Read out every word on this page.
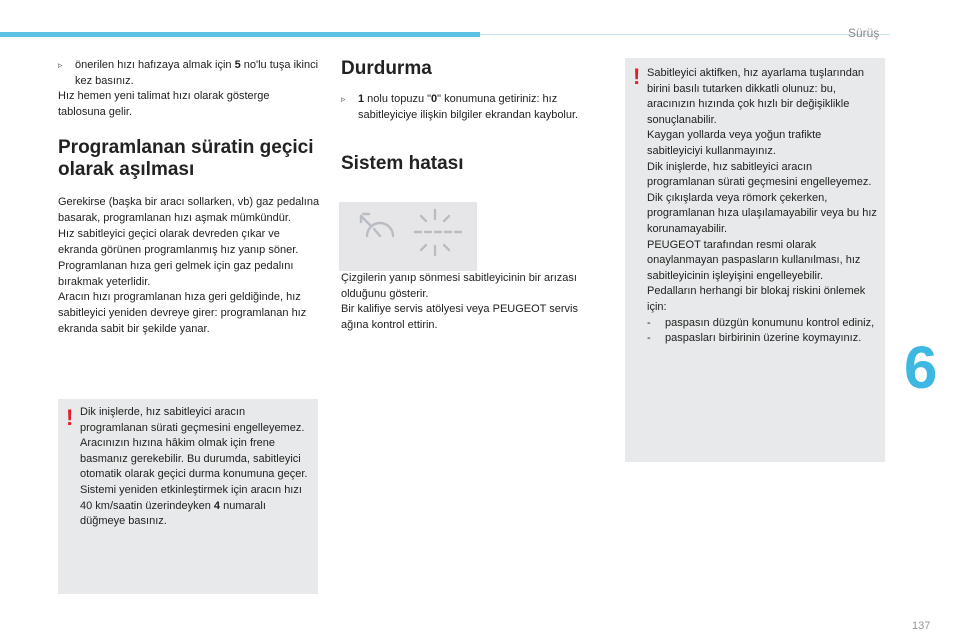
Sürüş
6
137
▹	önerilen hızı hafızaya almak için 5 no'lu tuşa ikinci kez basınız.

Hız hemen yeni talimat hızı olarak gösterge tablosuna gelir.

Programlanan süratin geçici olarak aşılması

Gerekirse (başka bir aracı sollarken, vb) gaz pedalına basarak, programlanan hızı aşmak mümkündür.
Hız sabitleyici geçici olarak devreden çıkar ve ekranda görünen programlanmış hız yanıp söner.
Programlanan hıza geri gelmek için gaz pedalını bırakmak yeterlidir.
Aracın hızı programlanan hıza geri geldiğinde, hız sabitleyici yeniden devreye girer: programlanan hız ekranda sabit bir şekilde yanar.

! Dik inişlerde, hız sabitleyici aracın programlanan sürati geçmesini engelleyemez.
Aracınızın hızına hâkim olmak için frene basmanız gerekebilir. Bu durumda, sabitleyici otomatik olarak geçici durma konumuna geçer.
Sistemi yeniden etkinleştirmek için aracın hızı 40 km/saatin üzerindeyken 4 numaralı düğmeye basınız.
Durdurma
▹	1 nolu topuzu "0" konumuna getiriniz: hız sabitleyiciye ilişkin bilgiler ekrandan kaybolur.
Sistem hatası

Çizgilerin yanıp sönmesi sabitleyicinin bir arızası olduğunu gösterir.
Bir kalifiye servis atölyesi veya PEUGEOT servis ağına kontrol ettirin.

! Sabitleyici aktifken, hız ayarlama tuşlarından birini basılı tutarken dikkatli olunuz: bu, aracınızın hızında çok hızlı bir değişiklikle sonuçlanabilir.
Kaygan yollarda veya yoğun trafikte sabitleyiciyi kullanmayınız.
Dik inişlerde, hız sabitleyici aracın programlanan sürati geçmesini engelleyemez.
Dik çıkışlarda veya römork çekerken, programlanan hıza ulaşılamayabilir veya bu hız korunamayabilir.
PEUGEOT tarafından resmi olarak onaylanmayan paspasların kullanılması, hız sabitleyicinin işleyişini engelleyebilir.
Pedalların herhangi bir blokaj riskini önlemek için:
-	paspasın düzgün konumunu kontrol ediniz,
-	paspasları birbirinin üzerine koymayınız.
